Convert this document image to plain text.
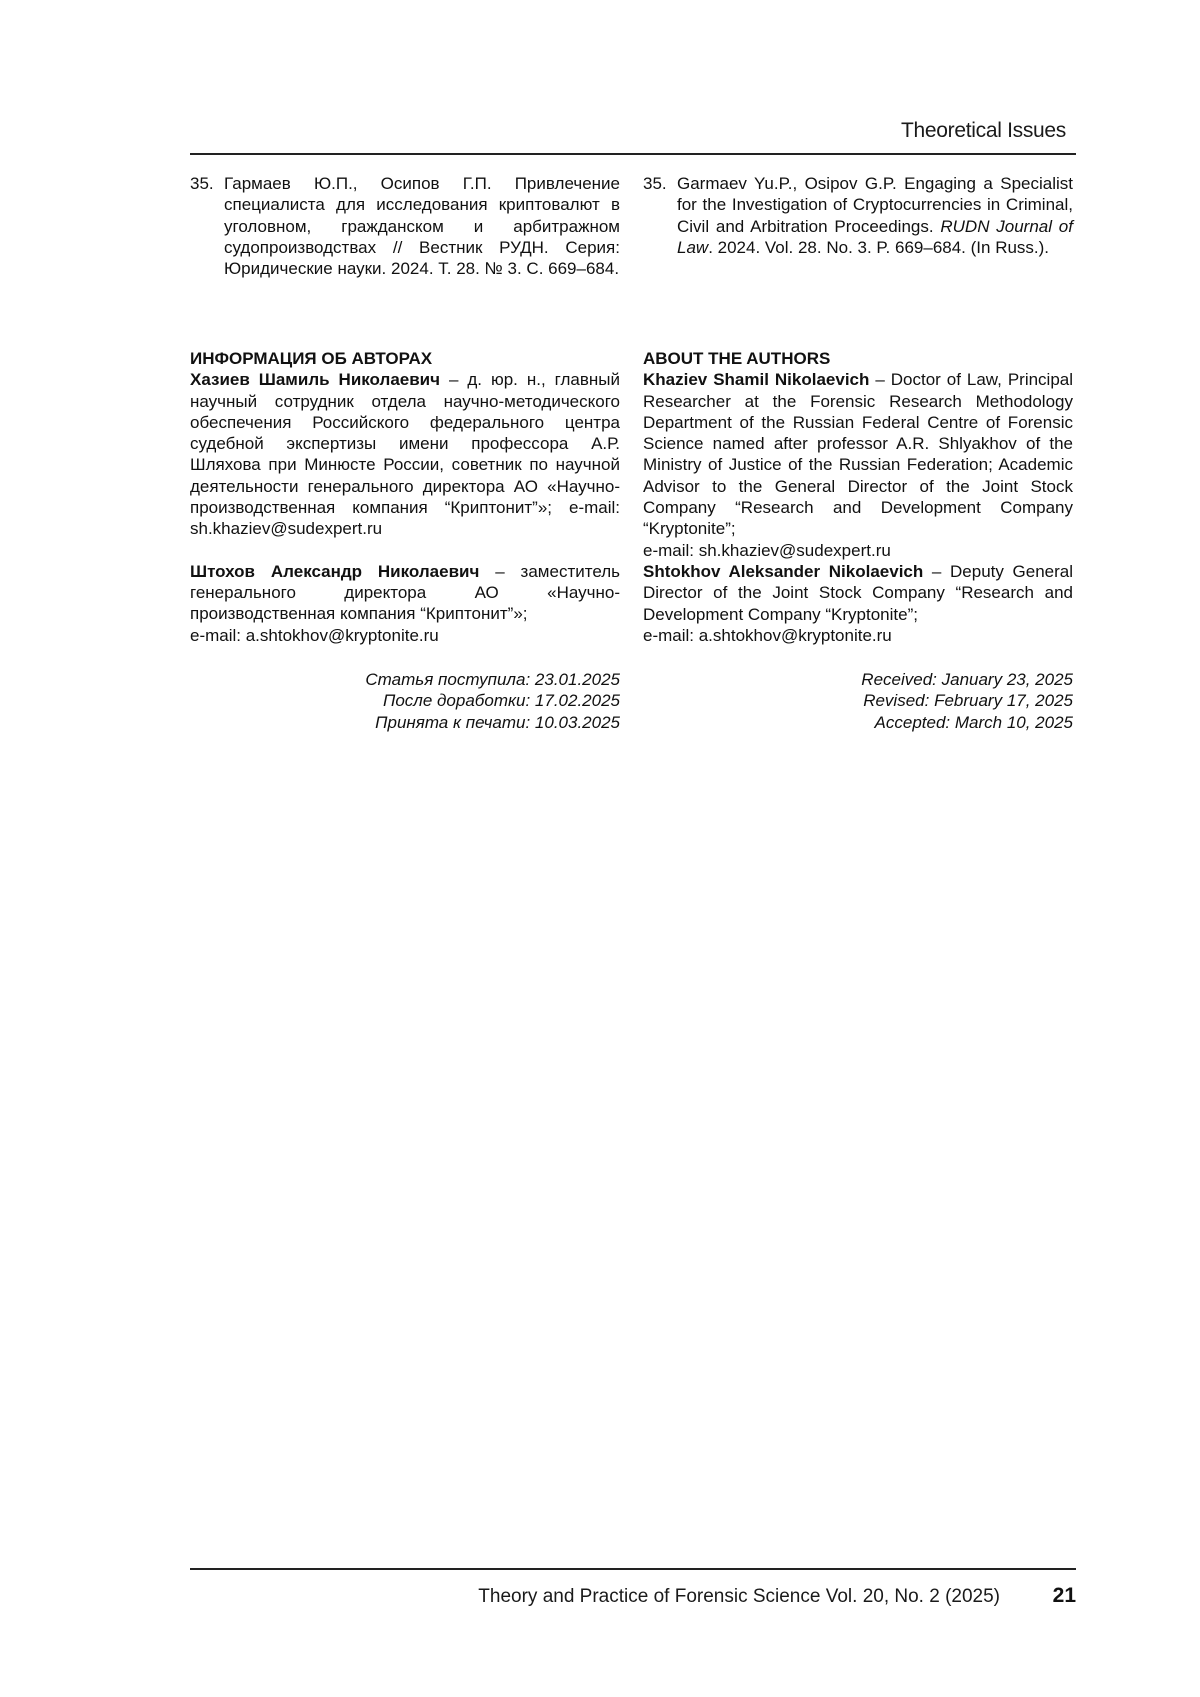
Theoretical Issues
35. Гармаев Ю.П., Осипов Г.П. Привлечение специалиста для исследования криптовалют в уголовном, гражданском и арбитражном судопроизводствах // Вестник РУДН. Серия: Юридические науки. 2024. Т. 28. № 3. С. 669–684.
35. Garmaev Yu.P., Osipov G.P. Engaging a Specialist for the Investigation of Cryptocurrencies in Criminal, Civil and Arbitration Proceedings. RUDN Journal of Law. 2024. Vol. 28. No. 3. P. 669–684. (In Russ.).
ИНФОРМАЦИЯ ОБ АВТОРАХ
Хазиев Шамиль Николаевич – д. юр. н., главный научный сотрудник отдела научно-методического обеспечения Российского федерального центра судебной экспертизы имени профессора А.Р. Шляхова при Минюсте России, советник по научной деятельности генерального директора АО «Научно-производственная компания “Криптонит”»; e-mail: sh.khaziev@sudexpert.ru
Штохов Александр Николаевич – заместитель генерального директора АО «Научно-производственная компания “Криптонит”»;
e-mail: a.shtokhov@kryptonite.ru
ABOUT THE AUTHORS
Khaziev Shamil Nikolaevich – Doctor of Law, Principal Researcher at the Forensic Research Methodology Department of the Russian Federal Centre of Forensic Science named after professor A.R. Shlyakhov of the Ministry of Justice of the Russian Federation; Academic Advisor to the General Director of the Joint Stock Company “Research and Development Company “Kryptonite”;
e-mail: sh.khaziev@sudexpert.ru
Shtokhov Aleksander Nikolaevich – Deputy General Director of the Joint Stock Company “Research and Development Company “Kryptonite”;
e-mail: a.shtokhov@kryptonite.ru
Статья поступила: 23.01.2025
После доработки: 17.02.2025
Принята к печати: 10.03.2025
Received: January 23, 2025
Revised: February 17, 2025
Accepted: March 10, 2025
Theory and Practice of Forensic Science Vol. 20, No. 2 (2025)	21
